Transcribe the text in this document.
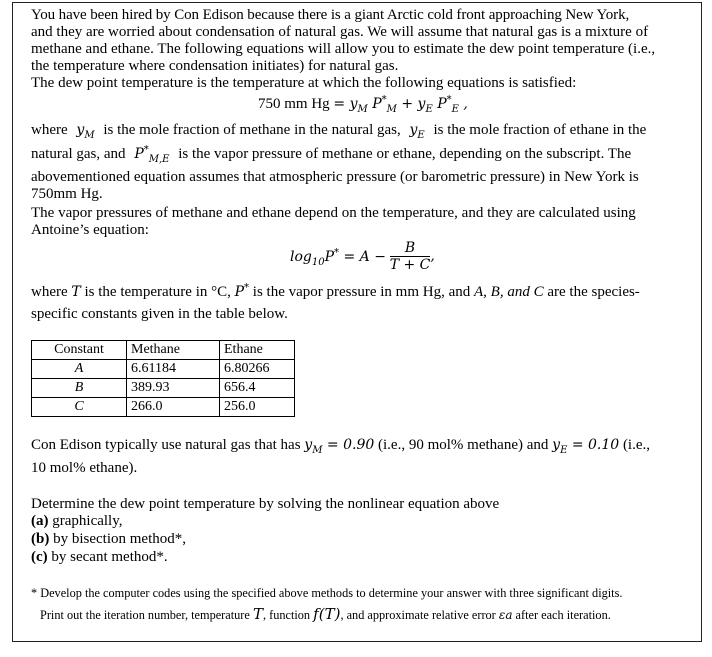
You have been hired by Con Edison because there is a giant Arctic cold front approaching New York,
and they are worried about condensation of natural gas. We will assume that natural gas is a mixture of
methane and ethane. The following equations will allow you to estimate the dew point temperature (i.e.,
the temperature where condensation initiates) for natural gas.
The dew point temperature is the temperature at which the following equations is satisfied:
750 mm $Hg = y_M$ $P^*_M + y_E$ $P^*_E$ ,
where $y_M$ is the mole fraction of methane in the natural gas, $y_E$ is the mole fraction of ethane in the
natural gas, and $P^*_{M,E}$ is the vapor pressure of methane or ethane, depending on the subscript. The
abovementioned equation assumes that atmospheric pressure (or barometric pressure) in New York is
750mm Hg.
The vapor pressures of methane and ethane depend on the temperature, and they are calculated using
Antoine’s equation:
$\log_{10}P^* = A - \frac{B}{T + C}$ ,
where T is the temperature in °C, P* is the vapor pressure in mm Hg, and A, B, and C are the species-
specific constants given in the table below.
Constant	Methane	Ethane
A	6.61184	6.80266
B	389.93	656.4
C	266.0	256.0
Con Edison typically use natural gas that has $y_M = 0.90$ (i.e., 90 mol% methane) and $y_E = 0.10$ (i.e.,
10 mol% ethane).
Determine the dew point temperature by solving the nonlinear equation above
(a) graphically,
(b) by bisection method*,
(c) by secant method*.
* Develop the computer codes using the specified above methods to determine your answer with three significant digits.
Print out the iteration number, temperature T, function f(T), and approximate relative error εa after each iteration.
